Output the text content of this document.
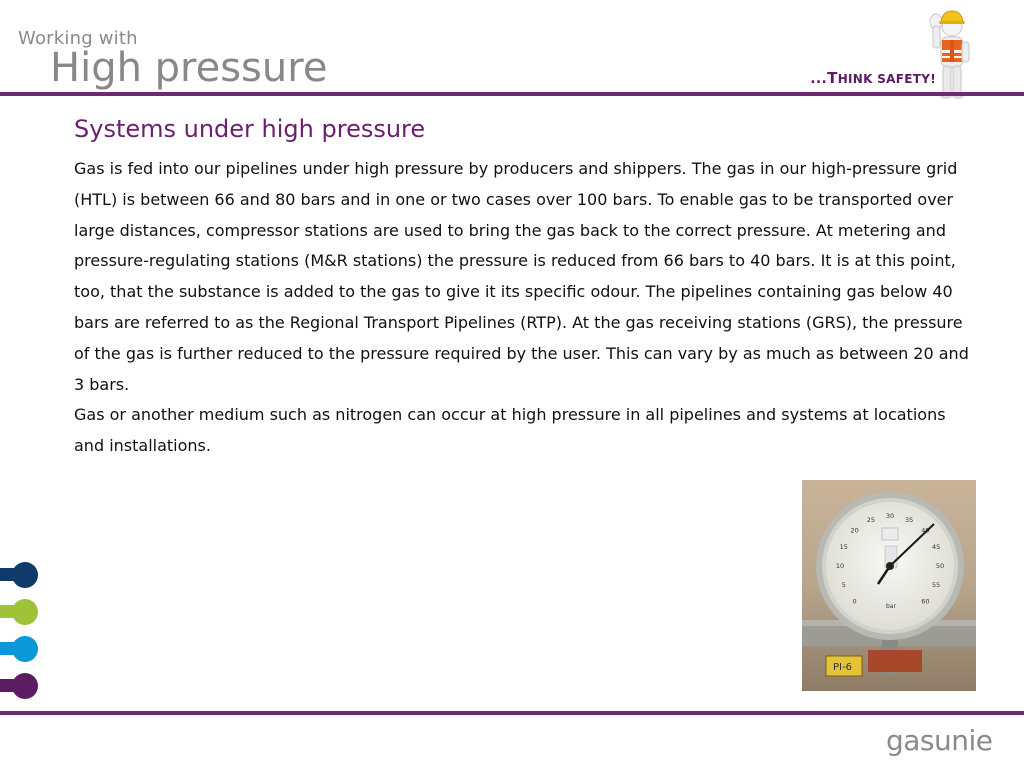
Working with
High pressure	...THINK SAFETY!
Systems under high pressure

Gas is fed into our pipelines under high pressure by producers and shippers. The gas in our high-pressure grid (HTL) is between 66 and 80 bars and in one or two cases over 100 bars. To enable gas to be transported over large distances, compressor stations are used to bring the gas back to the correct pressure. At metering and pressure-regulating stations (M&R stations) the pressure is reduced from 66 bars to 40 bars. It is at this point, too, that the substance is added to the gas to give it its specific odour. The pipelines containing gas below 40 bars are referred to as the Regional Transport Pipelines (RTP). At the gas receiving stations (GRS), the pressure of the gas is further reduced to the pressure required by the user. This can vary by as much as between 20 and 3 bars.

Gas or another medium such as nitrogen can occur at high pressure in all pipelines and systems at locations and installations.

PI-6
0
5
10
15
20
25 30 35
40
45
50
55
60
bar
gasunie
